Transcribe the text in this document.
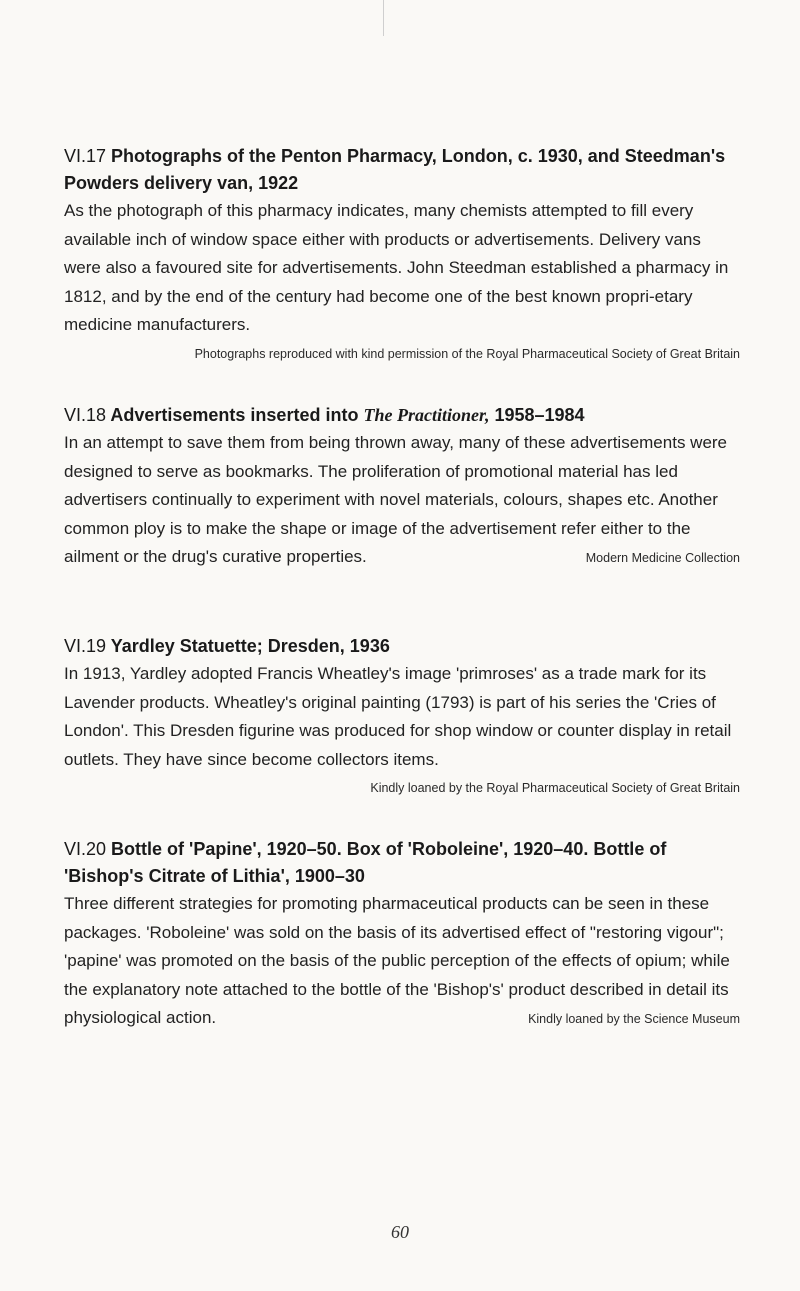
VI.17 Photographs of the Penton Pharmacy, London, c. 1930, and Steedman's Powders delivery van, 1922

As the photograph of this pharmacy indicates, many chemists attempted to fill every available inch of window space either with products or advertisements. Delivery vans were also a favoured site for advertisements. John Steedman established a pharmacy in 1812, and by the end of the century had become one of the best known propri-etary medicine manufacturers.

Photographs reproduced with kind permission of the Royal Pharmaceutical Society of Great Britain

VI.18 Advertisements inserted into The Practitioner, 1958–1984

In an attempt to save them from being thrown away, many of these advertisements were designed to serve as bookmarks. The proliferation of promotional material has led advertisers continually to experiment with novel materials, colours, shapes etc. Another common ploy is to make the shape or image of the advertisement refer either to the ailment or the drug's curative properties.	Modern Medicine Collection

VI.19 Yardley Statuette; Dresden, 1936

In 1913, Yardley adopted Francis Wheatley's image 'primroses' as a trade mark for its Lavender products. Wheatley's original painting (1793) is part of his series the 'Cries of London'. This Dresden figurine was produced for shop window or counter display in retail outlets. They have since become collectors items.

Kindly loaned by the Royal Pharmaceutical Society of Great Britain

VI.20 Bottle of 'Papine', 1920–50. Box of 'Roboleine', 1920–40. Bottle of 'Bishop's Citrate of Lithia', 1900–30

Three different strategies for promoting pharmaceutical products can be seen in these packages. 'Roboleine' was sold on the basis of its advertised effect of "restoring vigour"; 'papine' was promoted on the basis of the public perception of the effects of opium; while the explanatory note attached to the bottle of the 'Bishop's' product described in detail its physiological action.	Kindly loaned by the Science Museum

60
